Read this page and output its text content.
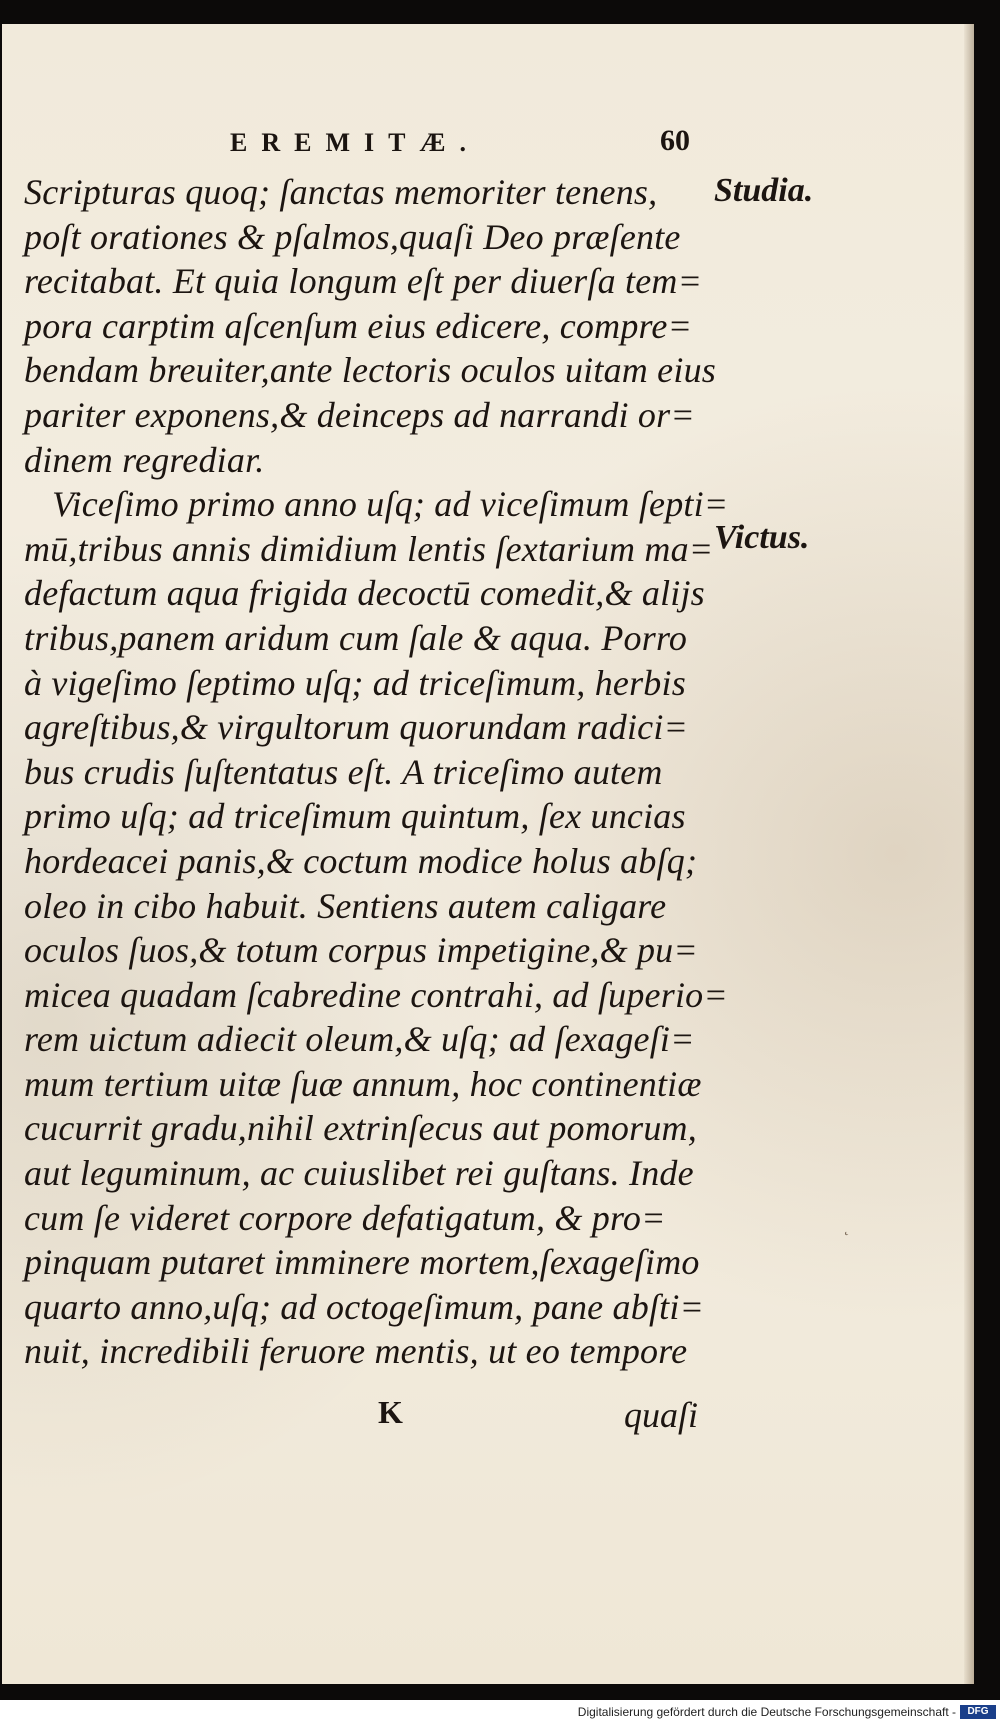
EREMITÆ.	60
Studia.
Victus.
Scripturas quoq; ſanctas memoriter tenens,
poſt orationes & pſalmos,quaſi Deo præſente
recitabat. Et quia longum eſt per diuerſa tem=
pora carptim aſcenſum eius edicere, compre=
bendam breuiter,ante lectoris oculos uitam eius
pariter exponens,& deinceps ad narrandi or=
dinem regrediar.
Viceſimo primo anno uſq; ad viceſimum ſepti=
mū,tribus annis dimidium lentis ſextarium ma=
defactum aqua frigida decoctū comedit,& alijs
tribus,panem aridum cum ſale & aqua. Porro
à vigeſimo ſeptimo uſq; ad triceſimum, herbis
agreſtibus,& virgultorum quorundam radici=
bus crudis ſuſtentatus eſt. A triceſimo autem
primo uſq; ad triceſimum quintum, ſex uncias
hordeacei panis,& coctum modice holus abſq;
oleo in cibo habuit. Sentiens autem caligare
oculos ſuos,& totum corpus impetigine,& pu=
micea quadam ſcabredine contrahi, ad ſuperio=
rem uictum adiecit oleum,& uſq; ad ſexageſi=
mum tertium uitæ ſuæ annum, hoc continentiæ
cucurrit gradu,nihil extrinſecus aut pomorum,
aut leguminum, ac cuiuslibet rei guſtans. Inde
cum ſe videret corpore defatigatum, & pro=
pinquam putaret imminere mortem,ſexageſimo
quarto anno,uſq; ad octogeſimum, pane abſti=
nuit, incredibili feruore mentis, ut eo tempore
K	quaſi
˛
Digitalisierung gefördert durch die Deutsche Forschungsgemeinschaft -	DFG
